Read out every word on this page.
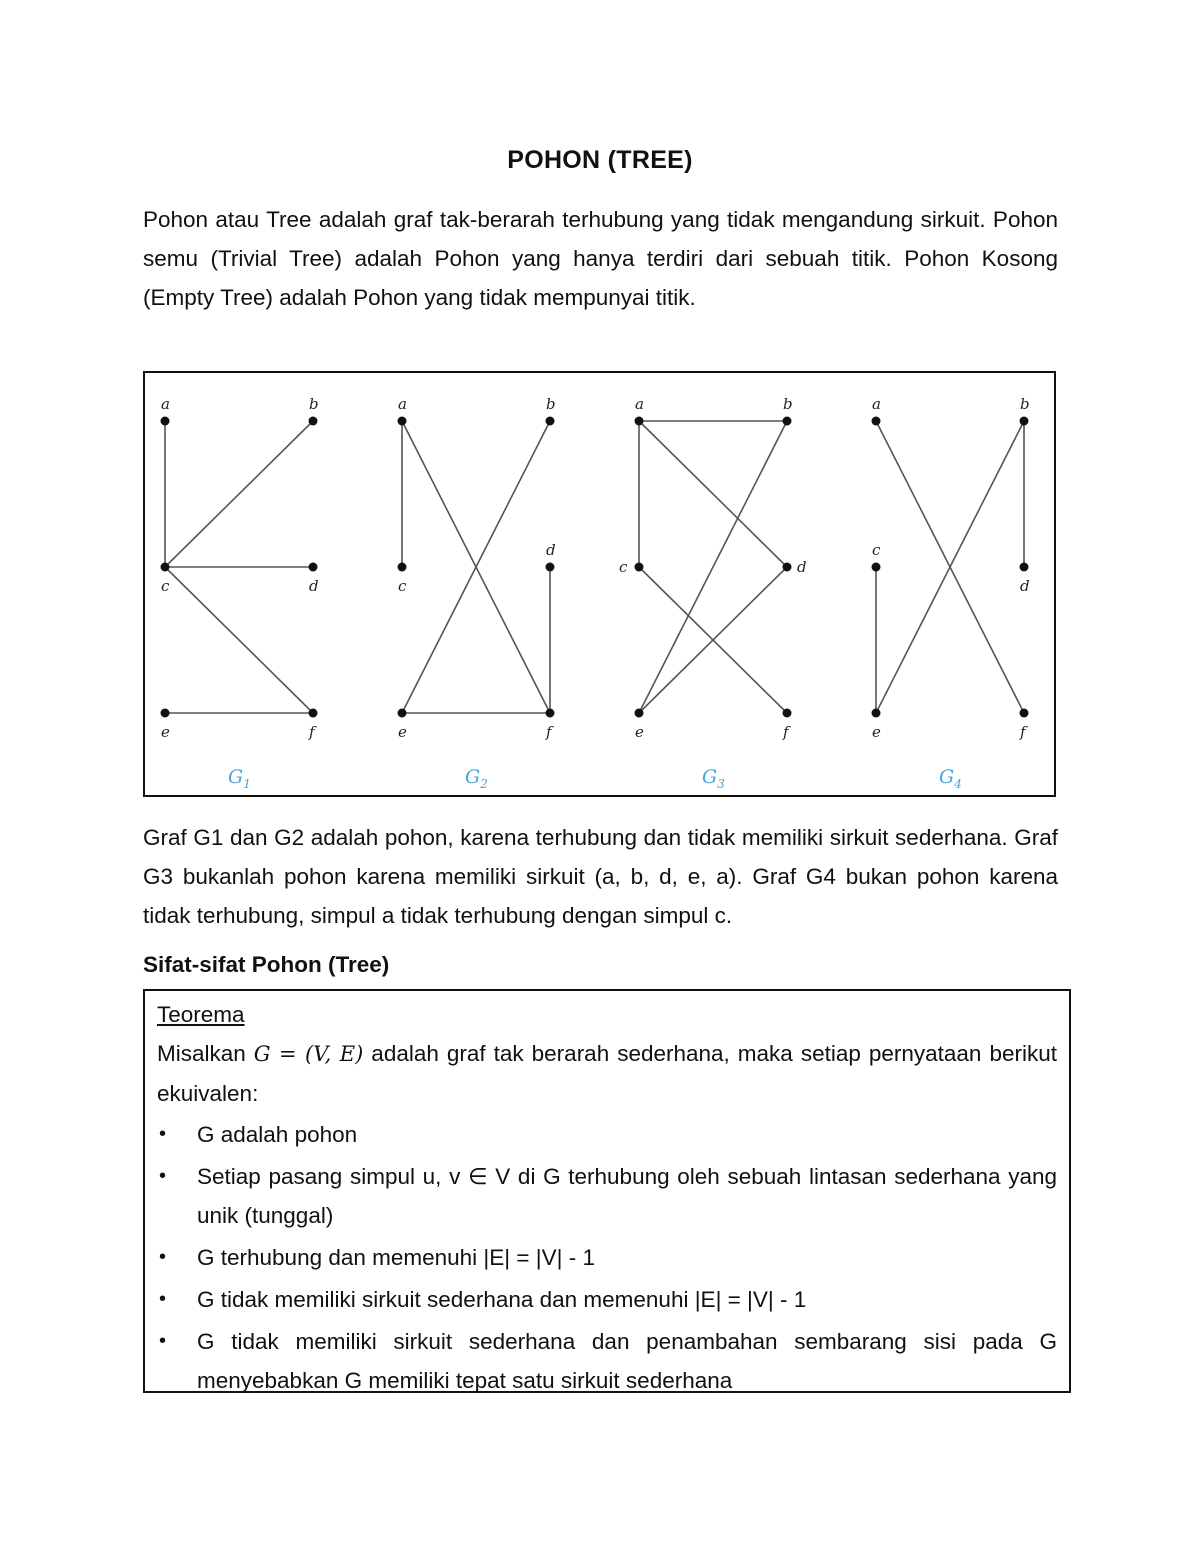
POHON (TREE)
Pohon atau Tree adalah graf tak-berarah terhubung yang tidak mengandung sirkuit. Pohon semu (Trivial Tree) adalah Pohon yang hanya terdiri dari sebuah titik. Pohon Kosong (Empty Tree) adalah Pohon yang tidak mempunyai titik.
a	b
c	d
e	f
$G_1$
a	b
c
d
e	f
$G_2$
a	b
c	d
e	f
$G_3$
a	b
c
d
e	f
$G_4$
Graf G1 dan G2 adalah pohon, karena terhubung dan tidak memiliki sirkuit sederhana. Graf G3 bukanlah pohon karena memiliki sirkuit (a, b, d, e, a). Graf G4 bukan pohon karena tidak terhubung, simpul a tidak terhubung dengan simpul c.
Sifat-sifat Pohon (Tree)
Teorema
Misalkan G = (V, E) adalah graf tak berarah sederhana, maka setiap pernyataan berikut ekuivalen:
• G adalah pohon
• Setiap pasang simpul u, v ∈ V di G terhubung oleh sebuah lintasan sederhana yang unik (tunggal)
• G terhubung dan memenuhi |E| = |V| - 1
• G tidak memiliki sirkuit sederhana dan memenuhi |E| = |V| - 1
• G tidak memiliki sirkuit sederhana dan penambahan sembarang sisi pada G menyebabkan G memiliki tepat satu sirkuit sederhana
